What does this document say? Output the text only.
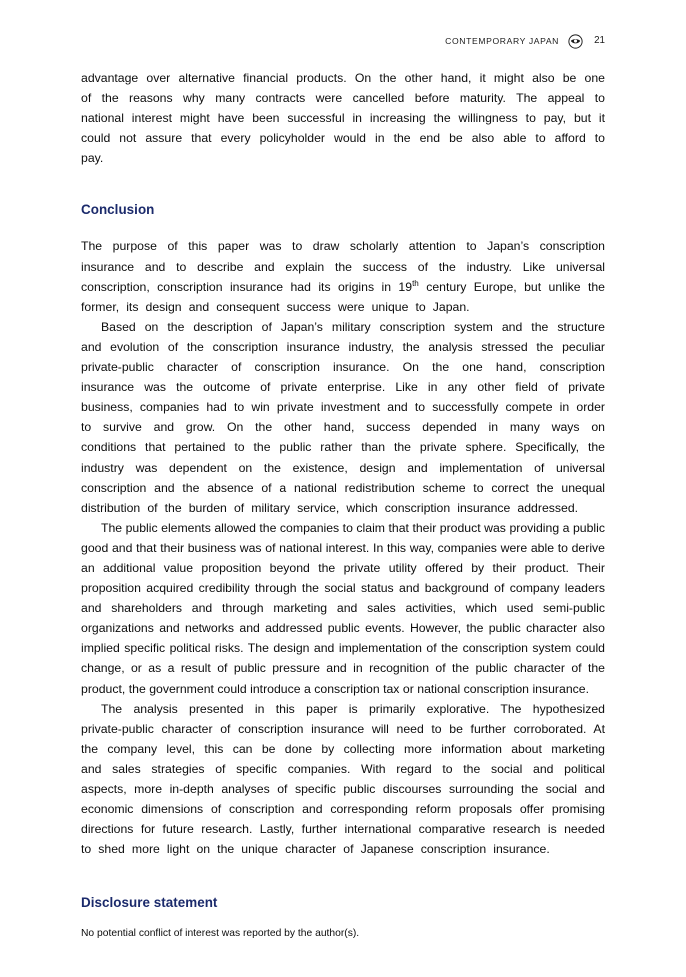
CONTEMPORARY JAPAN	21

advantage over alternative financial products. On the other hand, it might also be one of the reasons why many contracts were cancelled before maturity. The appeal to national interest might have been successful in increasing the willingness to pay, but it could not assure that every policyholder would in the end be also able to afford to pay.

Conclusion

The purpose of this paper was to draw scholarly attention to Japan’s conscription insurance and to describe and explain the success of the industry. Like universal conscription, conscription insurance had its origins in 19th century Europe, but unlike the former, its design and consequent success were unique to Japan.

Based on the description of Japan’s military conscription system and the structure and evolution of the conscription insurance industry, the analysis stressed the peculiar private-public character of conscription insurance. On the one hand, conscription insurance was the outcome of private enterprise. Like in any other field of private business, companies had to win private investment and to successfully compete in order to survive and grow. On the other hand, success depended in many ways on conditions that pertained to the public rather than the private sphere. Specifically, the industry was dependent on the existence, design and implementation of universal conscription and the absence of a national redistribution scheme to correct the unequal distribution of the burden of military service, which conscription insurance addressed.

The public elements allowed the companies to claim that their product was providing a public good and that their business was of national interest. In this way, companies were able to derive an additional value proposition beyond the private utility offered by their product. Their proposition acquired credibility through the social status and background of company leaders and shareholders and through marketing and sales activities, which used semi-public organizations and networks and addressed public events. However, the public character also implied specific political risks. The design and implementation of the conscription system could change, or as a result of public pressure and in recognition of the public character of the product, the government could introduce a conscription tax or national conscription insurance.

The analysis presented in this paper is primarily explorative. The hypothesized private-public character of conscription insurance will need to be further corroborated. At the company level, this can be done by collecting more information about marketing and sales strategies of specific companies. With regard to the social and political aspects, more in-depth analyses of specific public discourses surrounding the social and economic dimensions of conscription and corresponding reform proposals offer promising directions for future research. Lastly, further international comparative research is needed to shed more light on the unique character of Japanese conscription insurance.

Disclosure statement

No potential conflict of interest was reported by the author(s).
